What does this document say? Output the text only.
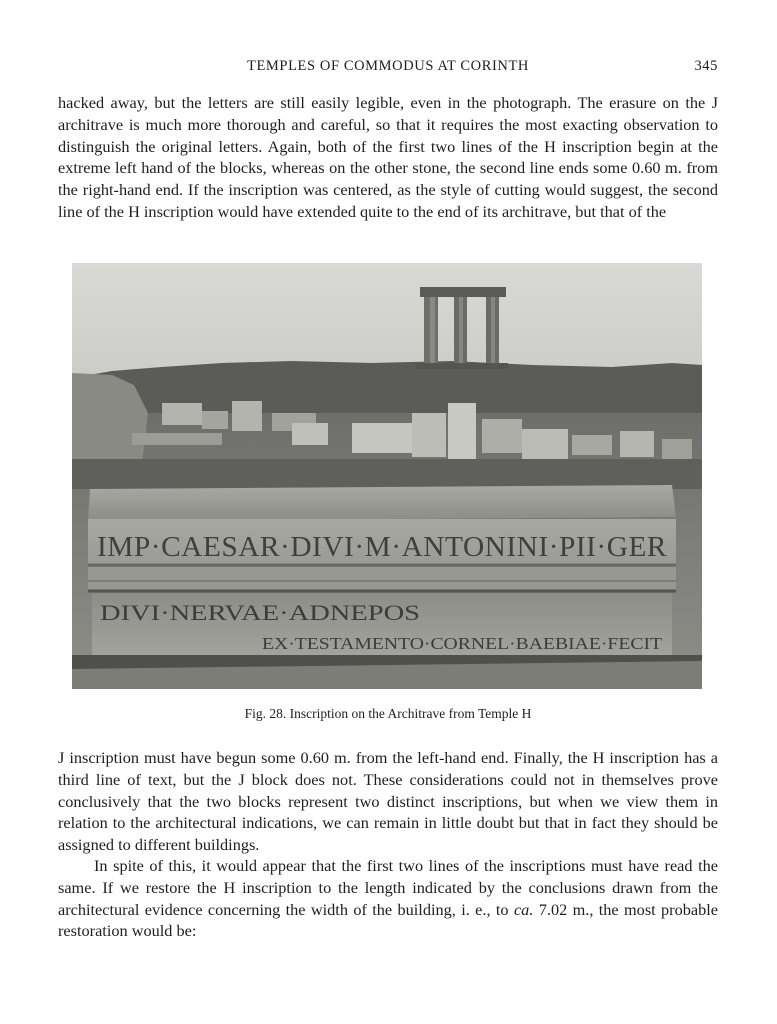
TEMPLES OF COMMODUS AT CORINTH	345

hacked away, but the letters are still easily legible, even in the photograph. The erasure on the J architrave is much more thorough and careful, so that it requires the most exacting observation to distinguish the original letters. Again, both of the first two lines of the H inscription begin at the extreme left hand of the blocks, whereas on the other stone, the second line ends some 0.60 m. from the right-hand end. If the inscription was centered, as the style of cutting would suggest, the second line of the H inscription would have extended quite to the end of its architrave, but that of the

IMP·CAESAR·DIVI·M·ANTONINI·PII·GER
DIVI·NERVAE·ADNEPOS
EX·TESTAMENTO·CORNEL·BAEBIAE·FECIT
Fig. 28. Inscription on the Architrave from Temple H

J inscription must have begun some 0.60 m. from the left-hand end. Finally, the H inscription has a third line of text, but the J block does not. These considerations could not in themselves prove conclusively that the two blocks represent two distinct inscriptions, but when we view them in relation to the architectural indications, we can remain in little doubt but that in fact they should be assigned to different buildings.

In spite of this, it would appear that the first two lines of the inscriptions must have read the same. If we restore the H inscription to the length indicated by the conclusions drawn from the architectural evidence concerning the width of the building, i. e., to ca. 7.02 m., the most probable restoration would be:
